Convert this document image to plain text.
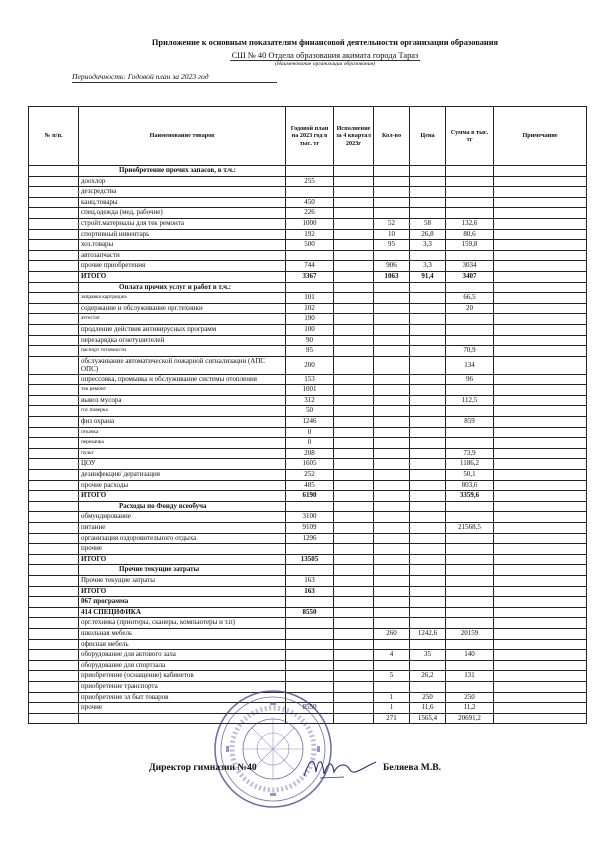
Приложение к основным показателям финансовой деятельности организации образования
СШ № 40 Отдела образования акимата города Тараз
(Наименование организации образования)
Периодичность: Годовой план за 2023 год
№ п/п.	Наименование товаров	Годовой план на 2023 год в тыс. тг	Исполнение за 4 квартал 2023г	Кол-во	Цена	Сумма в тыс. тг	Примечание
	Приобретение прочих запасов, в т.ч.:						
	доохлор	255					
	дезсредства						
	канц.товары	450					
	спец.одежда (мед, рабочие)	226					
	стройт.материалы для тек ремонта	1000		52	58	132,6	
	спортивный инвентарь	192		10	26,8	80,6	
	хоз.товары	500		95	3,3	159,8	
	автозапчасти						
	прочие приобретения	744		906	3,3	3034	
	ИТОГО	3367		1063	91,4	3407	
	Оплата прочих услуг и работ в т.ч.:						
	заправка картриджа	101				66,5	
	содержание и обслуживание орг.техники	102				20	
	аттестат	190					
	продление действия антивирусных программ	100					
	перезарядка огнетушителей	90					
	паспорт готовности	95				70,9	
	обслуживание автоматической пожарной сигнализации (АПС ОПС)	200				134	
	опрессовка, промывка и обслуживание системы отопления	153				96	
	тек ремонт	1001					
	вывоз мусора	312				112,5	
	гос поверка	50					
	физ охрана	1246				859	
	откачка	0					
	перекачка	0					
	пульт	208				73,9	
	ЦОУ	1605				1186,2	
	дезинфекция/ дератизация	252				50,1	
	прочие расходы	485				803,6	
	ИТОГО	6190				3359,6	
	Расходы по Фонду всеобуча						
	обмундирование	3100					
	питание	9109				21568,5	
	организация оздоровительного отдыха	1296					
	прочие						
	ИТОГО	13505					
	Прочие текущие затраты						
	Прочие текущие затраты	163					
	ИТОГО	163					
	067 программа						
	414 СПЕЦИФИКА	8550					
	орг.техника (принтеры, сканеры, компьютеры и т.п)						
	школьная мебель			260	1242,6	20159	
	офисная мебель						
	оборудование для актового зала			4	35	140	
	оборудование для спортзала						
	приобретение (оснащение) кабинетов			5	26,2	131	
	приобретение транспорта						
	приобретение эл быт товаров			1	250	250	
	прочие	8550		1	11,6	11,2	
				271	1565,4	20691,2	
Директор гимназии №40	Беляева М.В.
